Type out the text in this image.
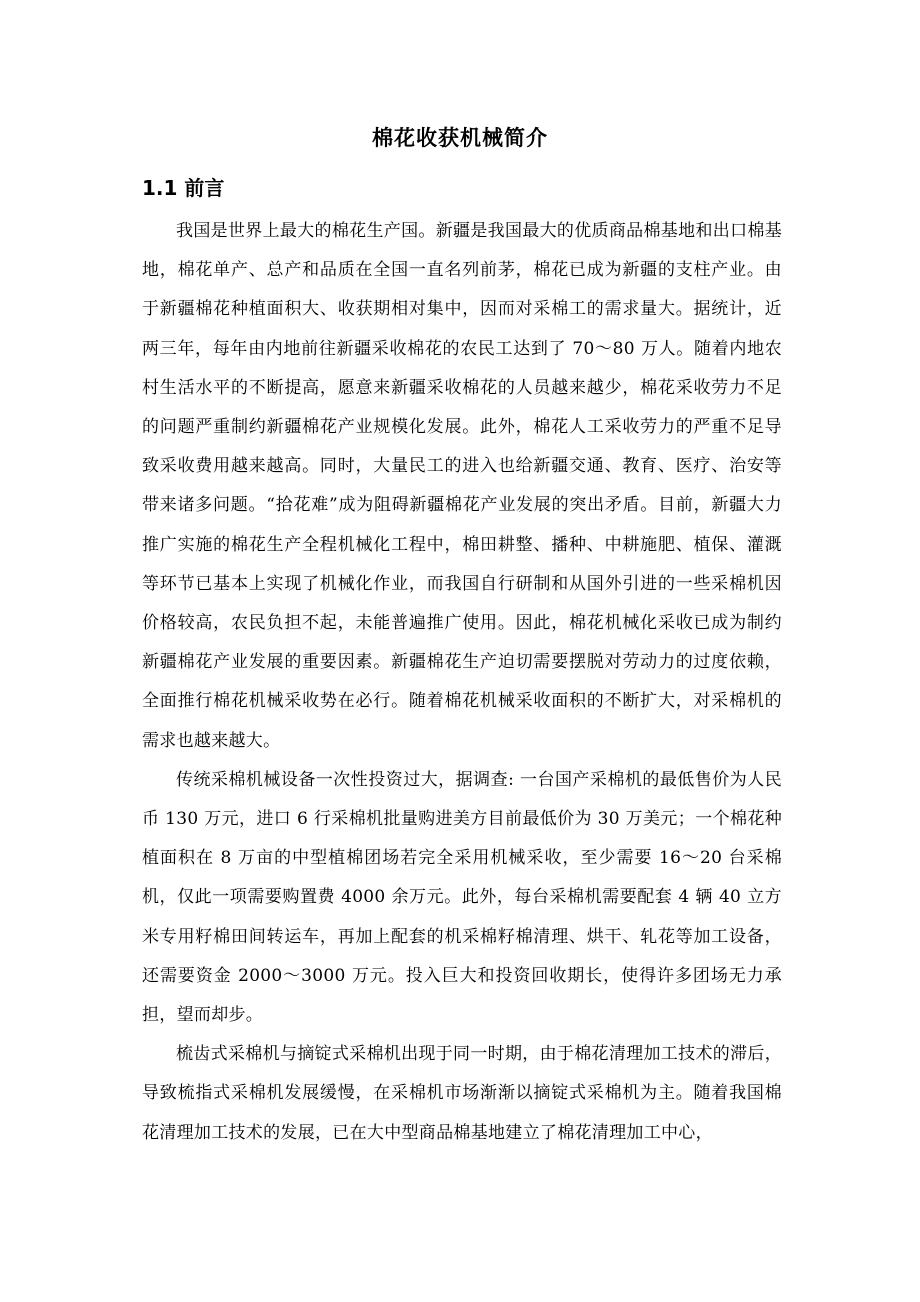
棉花收获机械简介
1.1 前言

我国是世界上最大的棉花生产国。新疆是我国最大的优质商品棉基地和出口棉基地，棉花单产、总产和品质在全国一直名列前茅，棉花已成为新疆的支柱产业。由于新疆棉花种植面积大、收获期相对集中，因而对采棉工的需求量大。据统计，近两三年，每年由内地前往新疆采收棉花的农民工达到了 70～80 万人。随着内地农村生活水平的不断提高，愿意来新疆采收棉花的人员越来越少，棉花采收劳力不足的问题严重制约新疆棉花产业规模化发展。此外，棉花人工采收劳力的严重不足导致采收费用越来越高。同时，大量民工的进入也给新疆交通、教育、医疗、治安等带来诸多问题。“拾花难”成为阻碍新疆棉花产业发展的突出矛盾。目前，新疆大力推广实施的棉花生产全程机械化工程中，棉田耕整、播种、中耕施肥、植保、灌溉等环节已基本上实现了机械化作业，而我国自行研制和从国外引进的一些采棉机因价格较高，农民负担不起，未能普遍推广使用。因此，棉花机械化采收已成为制约新疆棉花产业发展的重要因素。新疆棉花生产迫切需要摆脱对劳动力的过度依赖，全面推行棉花机械采收势在必行。随着棉花机械采收面积的不断扩大，对采棉机的需求也越来越大。

传统采棉机械设备一次性投资过大，据调查: 一台国产采棉机的最低售价为人民币 130 万元，进口 6 行采棉机批量购进美方目前最低价为 30 万美元；一个棉花种植面积在 8 万亩的中型植棉团场若完全采用机械采收，至少需要 16～20 台采棉机，仅此一项需要购置费 4000 余万元。此外，每台采棉机需要配套 4 辆 40 立方米专用籽棉田间转运车，再加上配套的机采棉籽棉清理、烘干、轧花等加工设备，还需要资金 2000～3000 万元。投入巨大和投资回收期长，使得许多团场无力承担，望而却步。

梳齿式采棉机与摘锭式采棉机出现于同一时期，由于棉花清理加工技术的滞后，导致梳指式采棉机发展缓慢，在采棉机市场渐渐以摘锭式采棉机为主。随着我国棉花清理加工技术的发展，已在大中型商品棉基地建立了棉花清理加工中心，
